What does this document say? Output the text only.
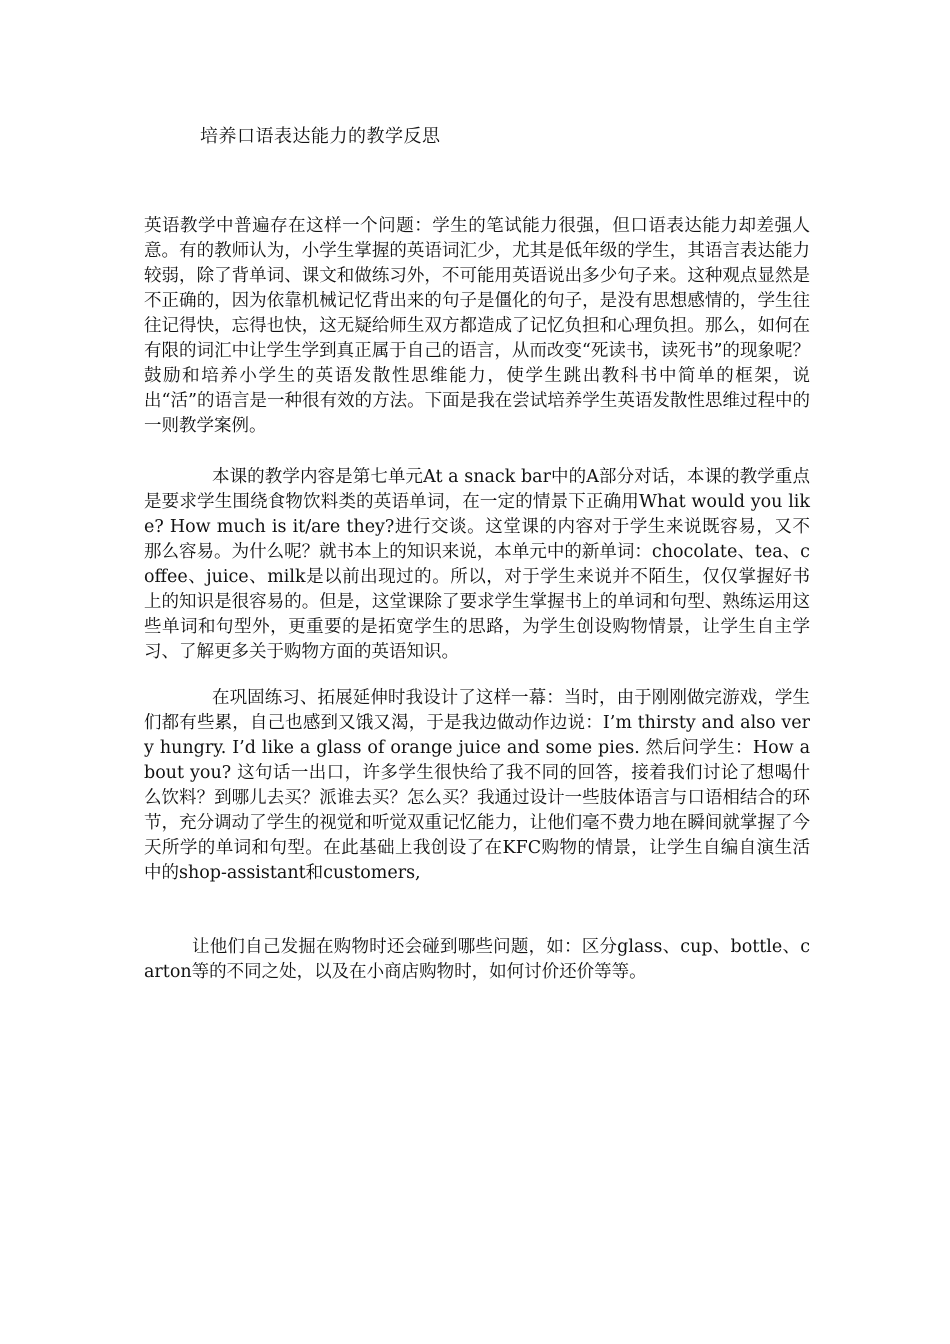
培养口语表达能力的教学反思

英语教学中普遍存在这样一个问题：学生的笔试能力很强，但口语表达能力却差强人意。有的教师认为，小学生掌握的英语词汇少，尤其是低年级的学生，其语言表达能力较弱，除了背单词、课文和做练习外，不可能用英语说出多少句子来。这种观点显然是不正确的，因为依靠机械记忆背出来的句子是僵化的句子，是没有思想感情的，学生往往记得快，忘得也快，这无疑给师生双方都造成了记忆负担和心理负担。那么，如何在有限的词汇中让学生学到真正属于自己的语言，从而改变“死读书，读死书”的现象呢？鼓励和培养小学生的英语发散性思维能力，使学生跳出教科书中简单的框架，说出“活”的语言是一种很有效的方法。下面是我在尝试培养学生英语发散性思维过程中的一则教学案例。

本课的教学内容是第七单元At a snack bar中的A部分对话，本课的教学重点是要求学生围绕食物饮料类的英语单词，在一定的情景下正确用What would you like? How much is it/are they?进行交谈。这堂课的内容对于学生来说既容易，又不那么容易。为什么呢？就书本上的知识来说，本单元中的新单词：chocolate、tea、coffee、juice、milk是以前出现过的。所以，对于学生来说并不陌生，仅仅掌握好书上的知识是很容易的。但是，这堂课除了要求学生掌握书上的单词和句型、熟练运用这些单词和句型外，更重要的是拓宽学生的思路，为学生创设购物情景，让学生自主学习、了解更多关于购物方面的英语知识。

在巩固练习、拓展延伸时我设计了这样一幕：当时，由于刚刚做完游戏，学生们都有些累，自己也感到又饿又渴，于是我边做动作边说：I’m thirsty and also very hungry. I’d like a glass of orange juice and some pies. 然后问学生：How about you? 这句话一出口，许多学生很快给了我不同的回答，接着我们讨论了想喝什么饮料？到哪儿去买？派谁去买？怎么买？我通过设计一些肢体语言与口语相结合的环节，充分调动了学生的视觉和听觉双重记忆能力，让他们毫不费力地在瞬间就掌握了今天所学的单词和句型。在此基础上我创设了在KFC购物的情景，让学生自编自演生活中的shop-assistant和customers,

让他们自己发掘在购物时还会碰到哪些问题，如：区分glass、cup、bottle、carton等的不同之处，以及在小商店购物时，如何讨价还价等等。
